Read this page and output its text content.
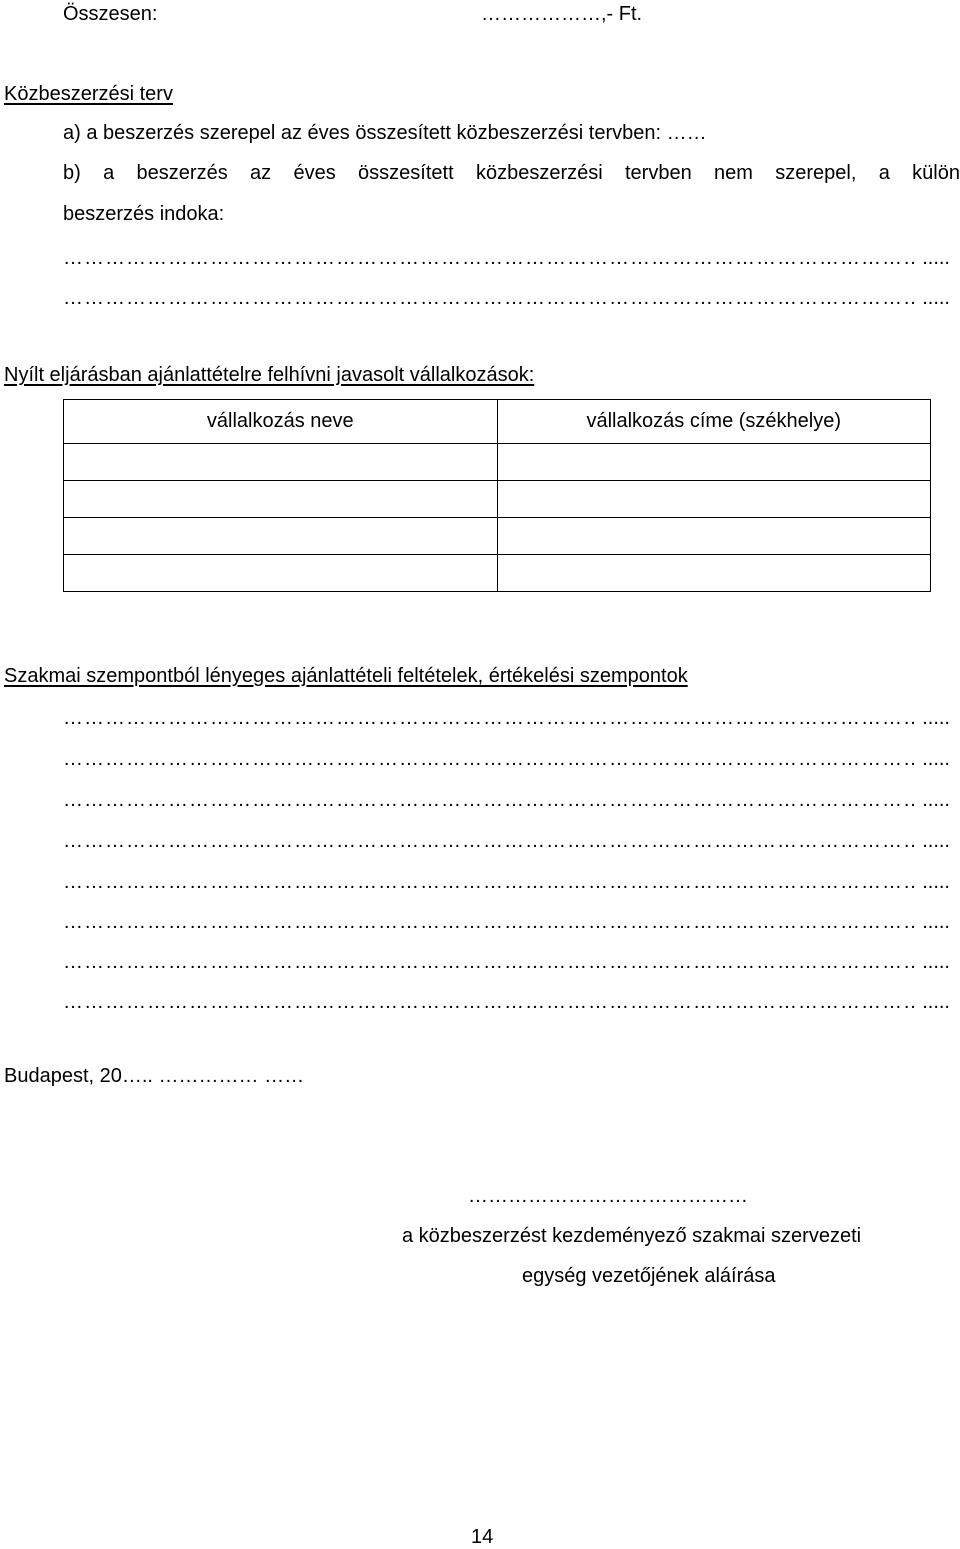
Összesen:	………………,- Ft.
Közbeszerzési terv
a) a beszerzés szerepel az éves összesített közbeszerzési tervben: ……
b) a beszerzés az éves összesített közbeszerzési tervben nem szerepel, a külön
beszerzés indoka:
………………………………………………………………………………………………………………………………………………………………
.....
………………………………………………………………………………………………………………………………………………………………
.....
Nyílt eljárásban ajánlattételre felhívni javasolt vállalkozások:
vállalkozás neve	vállalkozás címe (székhelye)

Szakmai szempontból lényeges ajánlattételi feltételek, értékelési szempontok
………………………………………………………………………………………………………………………………………………………………
.....
………………………………………………………………………………………………………………………………………………………………
.....
………………………………………………………………………………………………………………………………………………………………
.....
………………………………………………………………………………………………………………………………………………………………
.....
………………………………………………………………………………………………………………………………………………………………
.....
………………………………………………………………………………………………………………………………………………………………
.....
………………………………………………………………………………………………………………………………………………………………
.....
………………………………………………………………………………………………………………………………………………………………
.....
Budapest, 20….. …………… ……
……………………………………
a közbeszerzést kezdeményező szakmai szervezeti
egység vezetőjének aláírása
14
